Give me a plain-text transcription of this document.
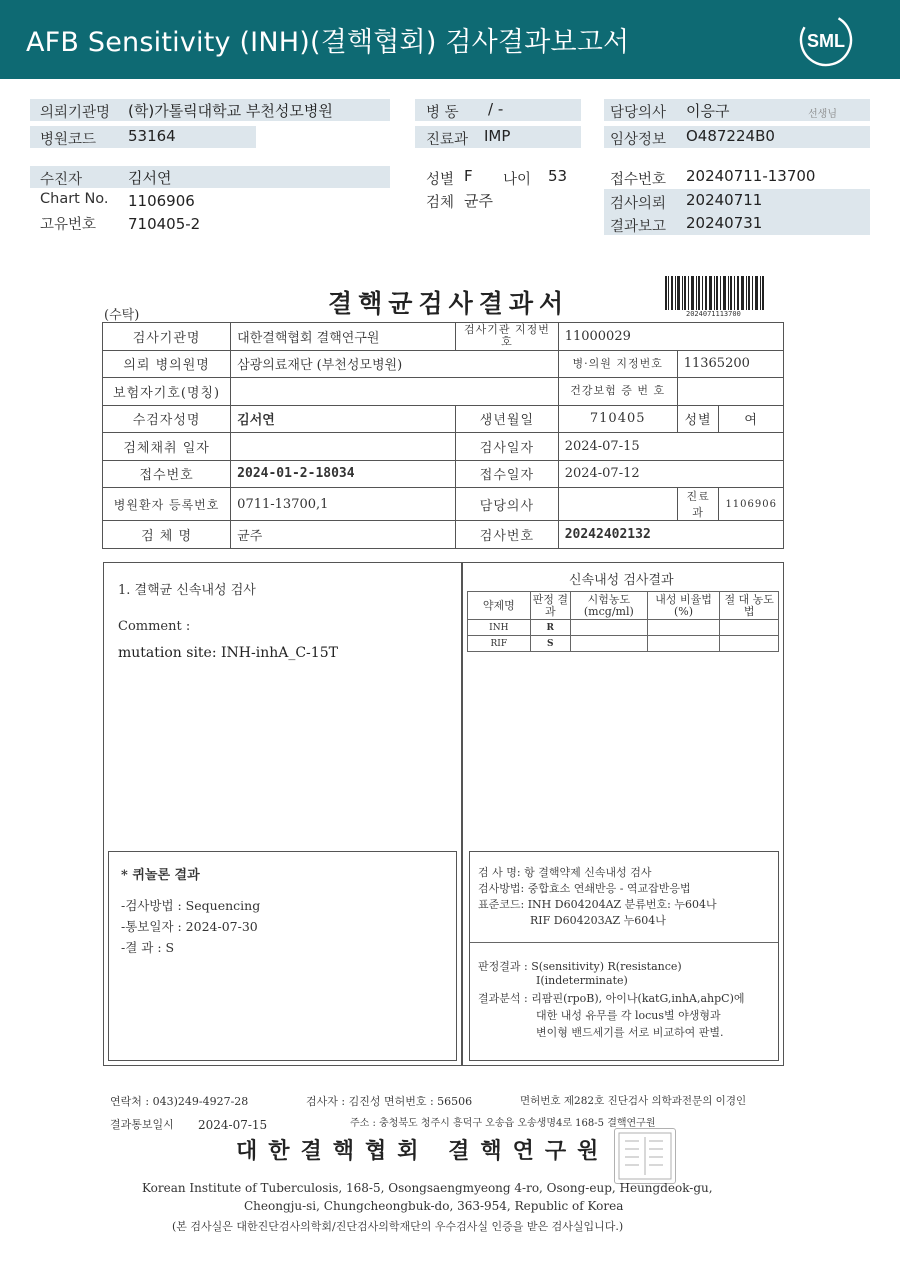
AFB Sensitivity (INH)(결핵협회) 검사결과보고서	SML
의뢰기관명 (학)가톨릭대학교 부천성모병원
병원코드 53164
병 동 / -
진료과 IMP
담당의사 이응구	선생님
임상정보 O487224B0
수진자	김서연
Chart No. 1106906
고유번호 710405-2
성별 F 나이 53
검체 균주
접수번호 20240711-13700
검사의뢰 20240711
결과보고 20240731
(수탁)	결핵균검사결과서	2024071113700
검사기관명	대한결핵협회 결핵연구원	검사기관 지정번호	11000029		
의뢰 병의원명	삼광의료재단 (부천성모병원)		병·의원 지정번호	11365200	
보험자기호(명칭)			건강보험 증 번 호		
수검자성명	김서연	생년월일	710405	성별	여
검체채취 일자		검사일자	2024-07-15		
접수번호	2024-01-2-18034	접수일자	2024-07-12		
병원환자 등록번호	0711-13700,1	담당의사		진료과	1106906
검 체 명	균주	검사번호	20242402132		
1. 결핵균 신속내성 검사
Comment :
mutation site: INH-inhA_C-15T
* 퀴놀론 결과
-검사방법 : Sequencing
-통보일자 : 2024-07-30
-결 과 : S
신속내성 검사결과
약제명	판정 결과	시험농도 (mcg/ml)	내성 비율법(%)	절 대 농도법
INH	R			
RIF	S			
검 사 명: 항 결핵약제 신속내성 검사
검사방법: 중합효소 연쇄반응 - 역교잡반응법
표준코드: INH D604204AZ 분류번호: 누604나
RIF D604203AZ 누604나
판정결과 : S(sensitivity) R(resistance)
I(indeterminate)
결과분석 : 리팜핀(rpoB), 아이나(katG,inhA,ahpC)에
대한 내성 유무를 각 locus별 야생형과
변이형 밴드세기를 서로 비교하여 판별.
연락처 : 043)249-4927-28	검사자 : 김진성 면허번호 : 56506	면허번호 제282호 진단검사 의학과전문의 이경인
결과통보일시 2024-07-15	주소 : 충청북도 청주시 흥덕구 오송읍 오송생명4로 168-5 결핵연구원
대한결핵협회 결핵연구원
Korean Institute of Tuberculosis, 168-5, Osongsaengmyeong 4-ro, Osong-eup, Heungdeok-gu,
Cheongju-si, Chungcheongbuk-do, 363-954, Republic of Korea
(본 검사실은 대한진단검사의학회/진단검사의학재단의 우수검사실 인증을 받은 검사실입니다.)
